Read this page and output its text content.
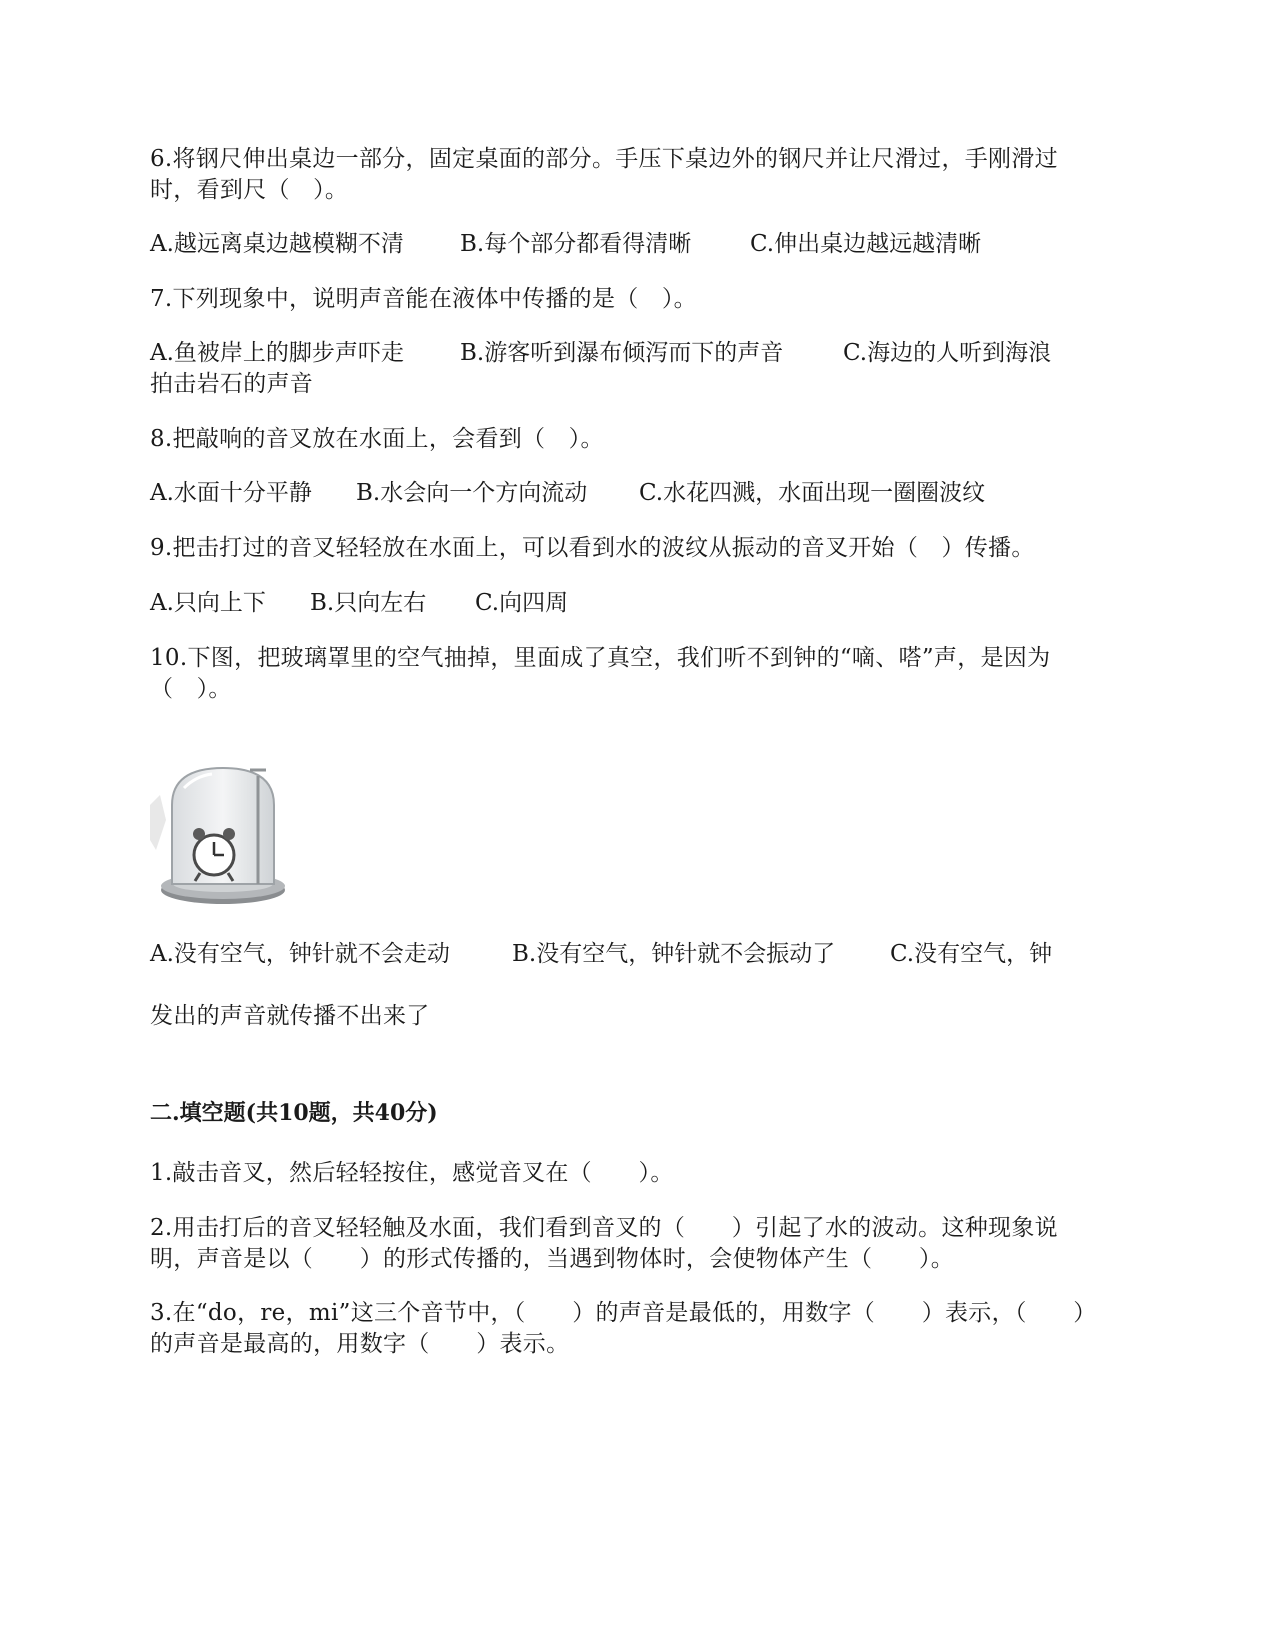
6.将钢尺伸出桌边一部分，固定桌面的部分。手压下桌边外的钢尺并让尺滑过，手刚滑过
时，看到尺（　）。
A.越远离桌边越模糊不清 B.每个部分都看得清晰	C.伸出桌边越远越清晰
7.下列现象中，说明声音能在液体中传播的是（　）。
A.鱼被岸上的脚步声吓走 B.游客听到瀑布倾泻而下的声音	C.海边的人听到海浪
拍击岩石的声音
8.把敲响的音叉放在水面上，会看到（　）。
A.水面十分平静 B.水会向一个方向流动 C.水花四溅，水面出现一圈圈波纹
9.把击打过的音叉轻轻放在水面上，可以看到水的波纹从振动的音叉开始（　）传播。
A.只向上下 B.只向左右 C.向四周
10.下图，把玻璃罩里的空气抽掉，里面成了真空，我们听不到钟的“嘀、嗒”声，是因为
（　）。
A.没有空气，钟针就不会走动	B.没有空气，钟针就不会振动了 C.没有空气，钟
发出的声音就传播不出来了
二.填空题(共10题，共40分)
1.敲击音叉，然后轻轻按住，感觉音叉在（　　）。
2.用击打后的音叉轻轻触及水面，我们看到音叉的（　　）引起了水的波动。这种现象说
明，声音是以（　　）的形式传播的，当遇到物体时，会使物体产生（　　）。
3.在“do，re，mi”这三个音节中，（　　）的声音是最低的，用数字（　　）表示，（　　）
的声音是最高的，用数字（　　）表示。
